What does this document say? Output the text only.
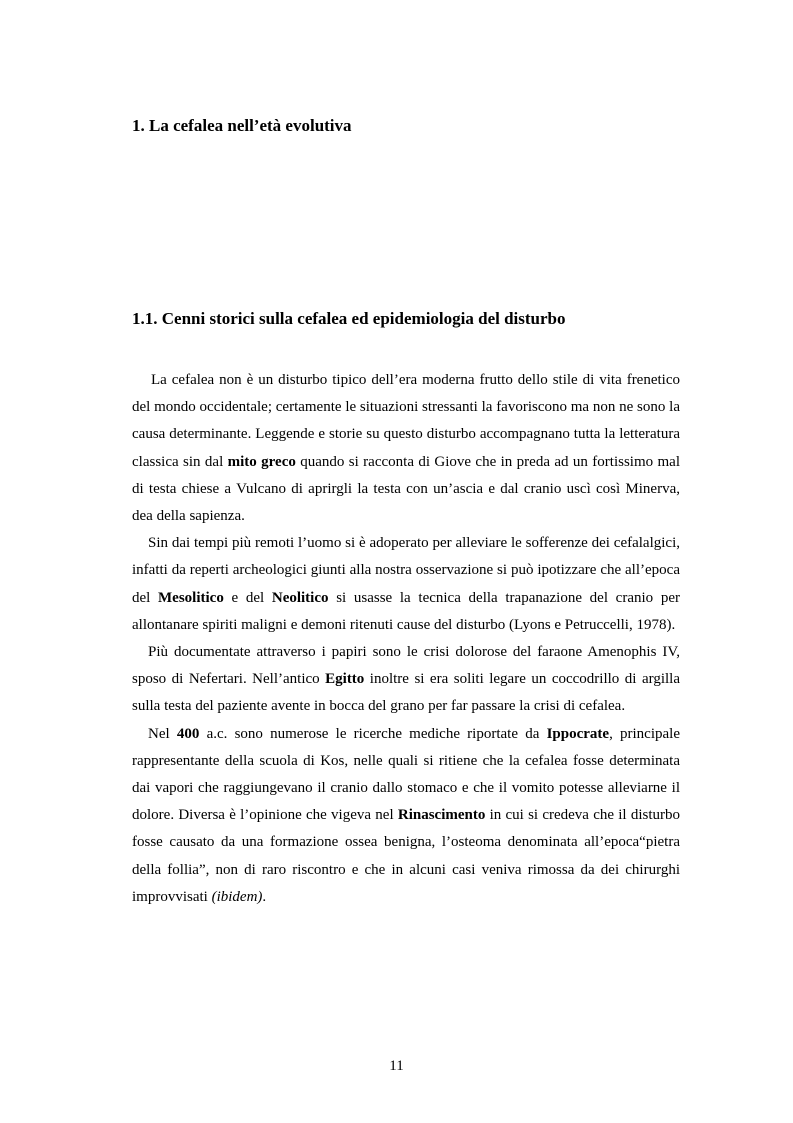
1. La cefalea nell’età evolutiva
1.1. Cenni storici sulla cefalea ed epidemiologia del disturbo

La cefalea non è un disturbo tipico dell’era moderna frutto dello stile di vita frenetico del mondo occidentale; certamente le situazioni stressanti la favoriscono ma non ne sono la causa determinante. Leggende e storie su questo disturbo accompagnano tutta la letteratura classica sin dal mito greco quando si racconta di Giove che in preda ad un fortissimo mal di testa chiese a Vulcano di aprirgli la testa con un’ascia e dal cranio uscì così Minerva, dea della sapienza.

Sin dai tempi più remoti l’uomo si è adoperato per alleviare le sofferenze dei cefalalgici, infatti da reperti archeologici giunti alla nostra osservazione si può ipotizzare che all’epoca del Mesolitico e del Neolitico si usasse la tecnica della trapanazione del cranio per allontanare spiriti maligni e demoni ritenuti cause del disturbo (Lyons e Petruccelli, 1978).

Più documentate attraverso i papiri sono le crisi dolorose del faraone Amenophis IV, sposo di Nefertari. Nell’antico Egitto inoltre si era soliti legare un coccodrillo di argilla sulla testa del paziente avente in bocca del grano per far passare la crisi di cefalea.

Nel 400 a.c. sono numerose le ricerche mediche riportate da Ippocrate, principale rappresentante della scuola di Kos, nelle quali si ritiene che la cefalea fosse determinata dai vapori che raggiungevano il cranio dallo stomaco e che il vomito potesse alleviarne il dolore. Diversa è l’opinione che vigeva nel Rinascimento in cui si credeva che il disturbo fosse causato da una formazione ossea benigna, l’osteoma denominata all’epoca“pietra della follia”, non di raro riscontro e che in alcuni casi veniva rimossa da dei chirurghi improvvisati (ibidem).

11
